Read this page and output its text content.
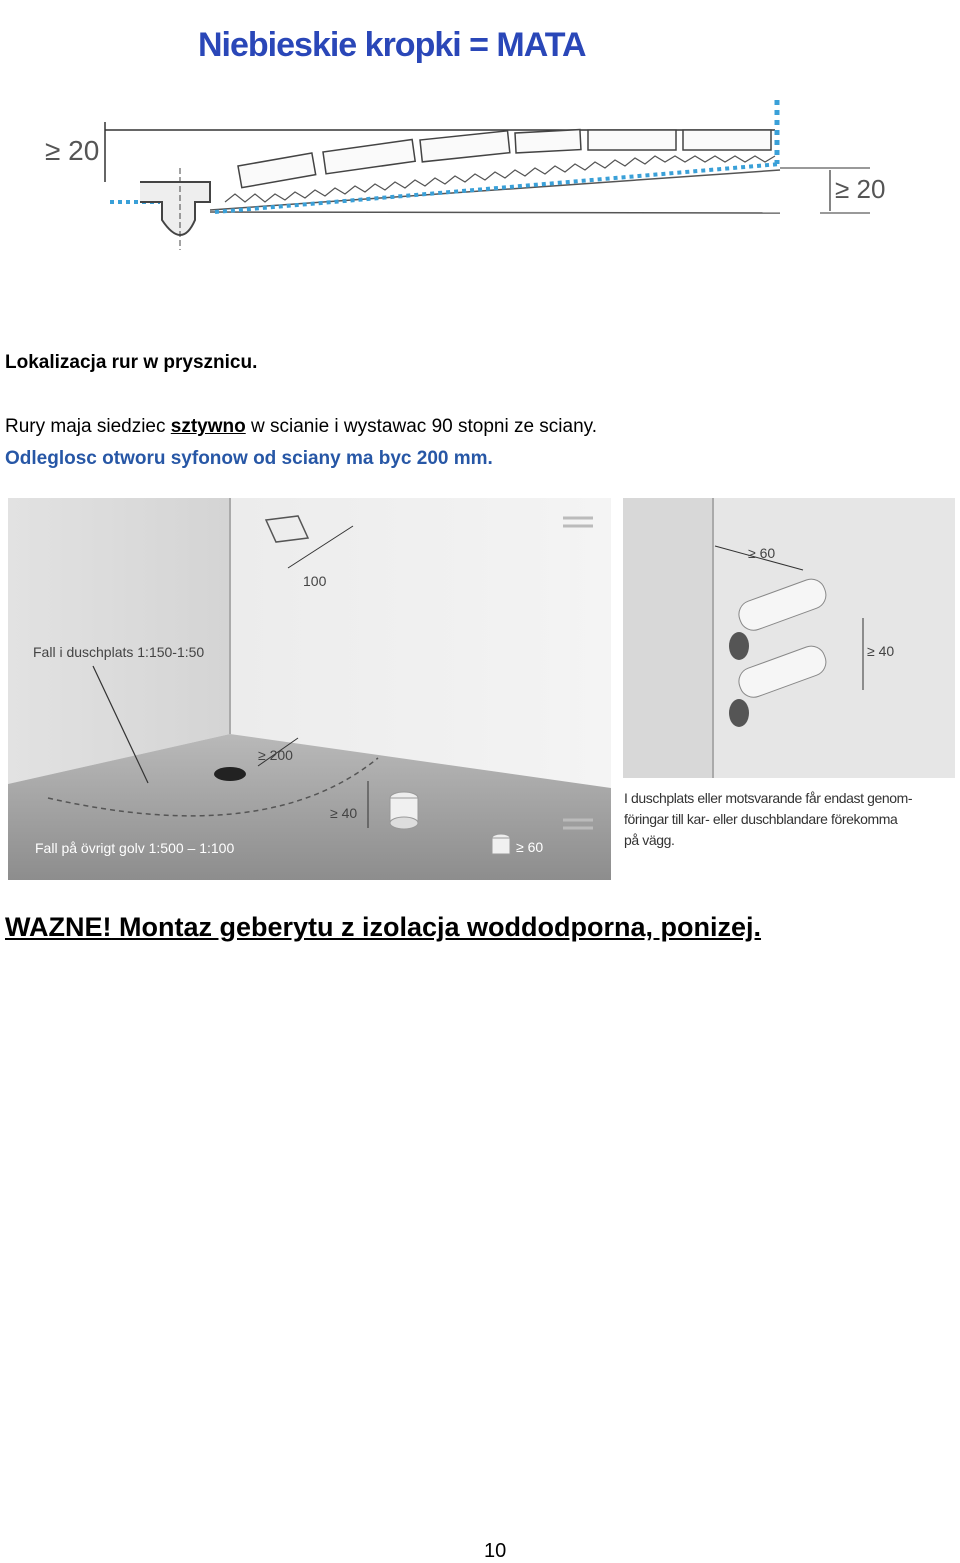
Niebieskie kropki = MATA
≥ 20
≥ 20
Lokalizacja rur w prysznicu.
Rury maja siedziec sztywno w scianie i wystawac 90 stopni ze sciany.
Odleglosc otworu syfonow od sciany ma byc 200 mm.
100
Fall i duschplats 1:150-1:50
≥ 200
≥ 40
Fall på övrigt golv 1:500 – 1:100	≥ 60
≥ 60
≥ 40
I duschplats eller motsvarande får endast genom-
föringar till kar- eller duschblandare förekomma
på vägg.
WAZNE! Montaz geberytu z izolacja woddodporna, ponizej.
10
